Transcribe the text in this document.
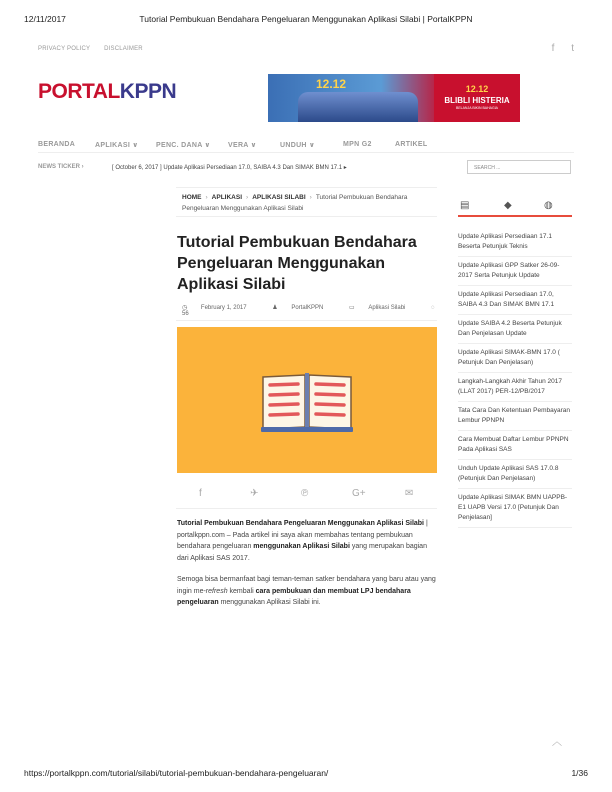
12/11/2017	Tutorial Pembukuan Bendahara Pengeluaran Menggunakan Aplikasi Silabi | PortalKPPN
PRIVACY POLICY DISCLAIMER	f t
PORTALKPPN	12.12	12.12
BLIBLI HISTERIA
BELANJA BIKIN BAHAGIA
BERANDA	APLIKASI ∨	PENC. DANA ∨ VERA ∨	UNDUH ∨	MPN G2	ARTIKEL
NEWS TICKER ›	[ October 6, 2017 ] Update Aplikasi Persediaan 17.0, SAIBA 4.3 Dan SIMAK BMN 17.1 ▸	SEARCH ...
HOME › APLIKASI › APLIKASI SILABI › Tutorial Pembukuan Bendahara Pengeluaran Menggunakan Aplikasi Silabi
Tutorial Pembukuan Bendahara Pengeluaran Menggunakan Aplikasi Silabi
◷ February 1, 2017	♟ PortalKPPN	▭ Aplikasi Silabi	◌ 56
f	✈	℗	G+	✉

Tutorial Pembukuan Bendahara Pengeluaran Menggunakan Aplikasi Silabi | portalkppn.com – Pada artikel ini saya akan membahas tentang pembukuan bendahara pengeluaran menggunakan Aplikasi Silabi yang merupakan bagian dari Aplikasi SAS 2017.

Semoga bisa bermanfaat bagi teman-teman satker bendahara yang baru atau yang ingin me-refresh kembali cara pembukuan dan membuat LPJ bendahara pengeluaran menggunakan Aplikasi Silabi ini.

▤	◆	◍
Update Aplikasi Persediaan 17.1 Beserta Petunjuk Teknis
Update Aplikasi GPP Satker 26-09-2017 Serta Petunjuk Update
Update Aplikasi Persediaan 17.0, SAIBA 4.3 Dan SIMAK BMN 17.1
Update SAIBA 4.2 Beserta Petunjuk Dan Penjelasan Update
Update Aplikasi SIMAK-BMN 17.0 ( Petunjuk Dan Penjelasan)
Langkah-Langkah Akhir Tahun 2017 (LLAT 2017) PER-12/PB/2017
Tata Cara Dan Ketentuan Pembayaran Lembur PPNPN
Cara Membuat Daftar Lembur PPNPN Pada Aplikasi SAS
Unduh Update Aplikasi SAS 17.0.8 (Petunjuk Dan Penjelasan)
Update Aplikasi SIMAK BMN UAPPB-E1 UAPB Versi 17.0 [Petunjuk Dan Penjelasan]
︿
https://portalkppn.com/tutorial/silabi/tutorial-pembukuan-bendahara-pengeluaran/	1/36
